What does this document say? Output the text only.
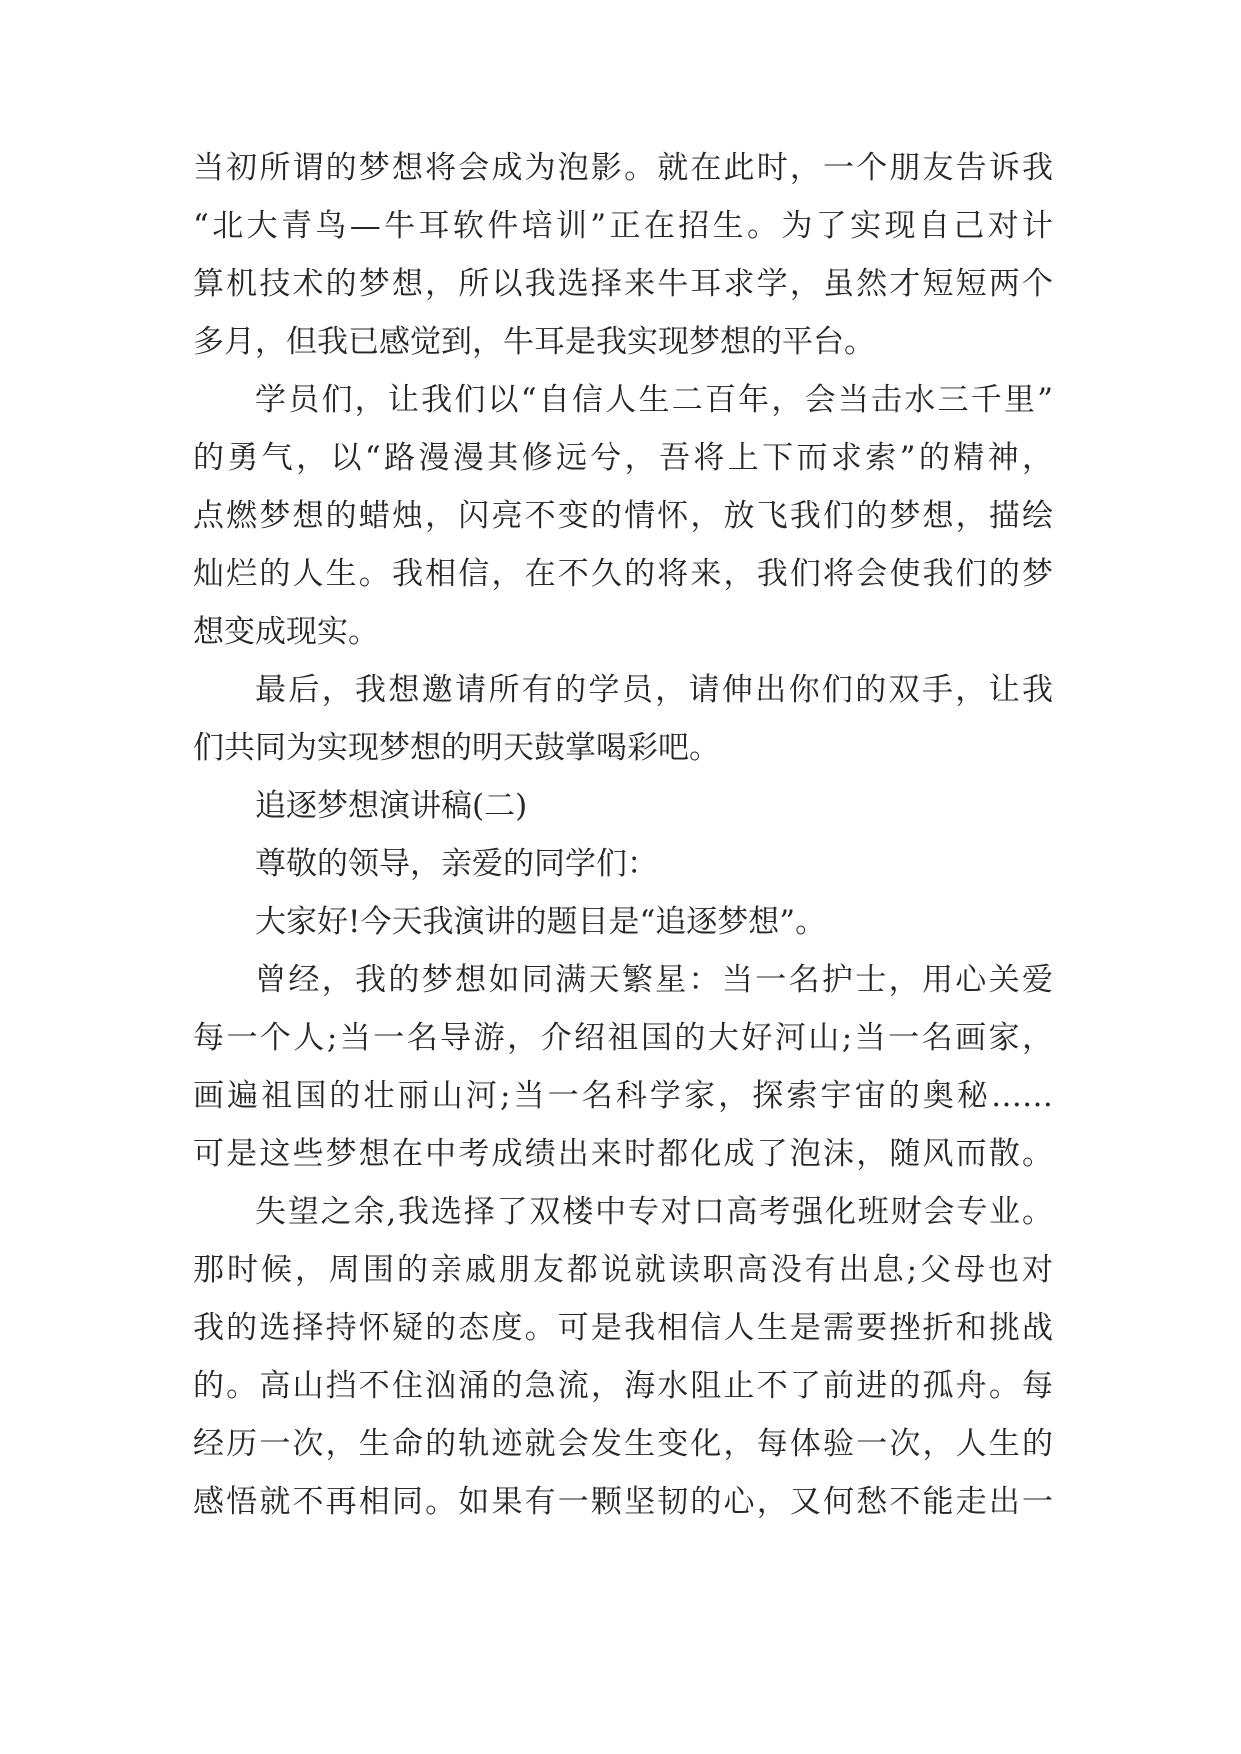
当初所谓的梦想将会成为泡影。就在此时，一个朋友告诉我
“北大青鸟—牛耳软件培训”正在招生。为了实现自己对计
算机技术的梦想，所以我选择来牛耳求学，虽然才短短两个
多月，但我已感觉到，牛耳是我实现梦想的平台。
学员们，让我们以“自信人生二百年，会当击水三千里”
的勇气，以“路漫漫其修远兮，吾将上下而求索”的精神，
点燃梦想的蜡烛，闪亮不变的情怀，放飞我们的梦想，描绘
灿烂的人生。我相信，在不久的将来，我们将会使我们的梦
想变成现实。
最后，我想邀请所有的学员，请伸出你们的双手，让我
们共同为实现梦想的明天鼓掌喝彩吧。
追逐梦想演讲稿(二)
尊敬的领导，亲爱的同学们：
大家好!今天我演讲的题目是“追逐梦想”。
曾经，我的梦想如同满天繁星：当一名护士，用心关爱
每一个人;当一名导游，介绍祖国的大好河山;当一名画家，
画遍祖国的壮丽山河;当一名科学家，探索宇宙的奥秘……
可是这些梦想在中考成绩出来时都化成了泡沫，随风而散。
失望之余,我选择了双楼中专对口高考强化班财会专业。
那时候，周围的亲戚朋友都说就读职高没有出息;父母也对
我的选择持怀疑的态度。可是我相信人生是需要挫折和挑战
的。高山挡不住汹涌的急流，海水阻止不了前进的孤舟。每
经历一次，生命的轨迹就会发生变化，每体验一次，人生的
感悟就不再相同。如果有一颗坚韧的心，又何愁不能走出一
